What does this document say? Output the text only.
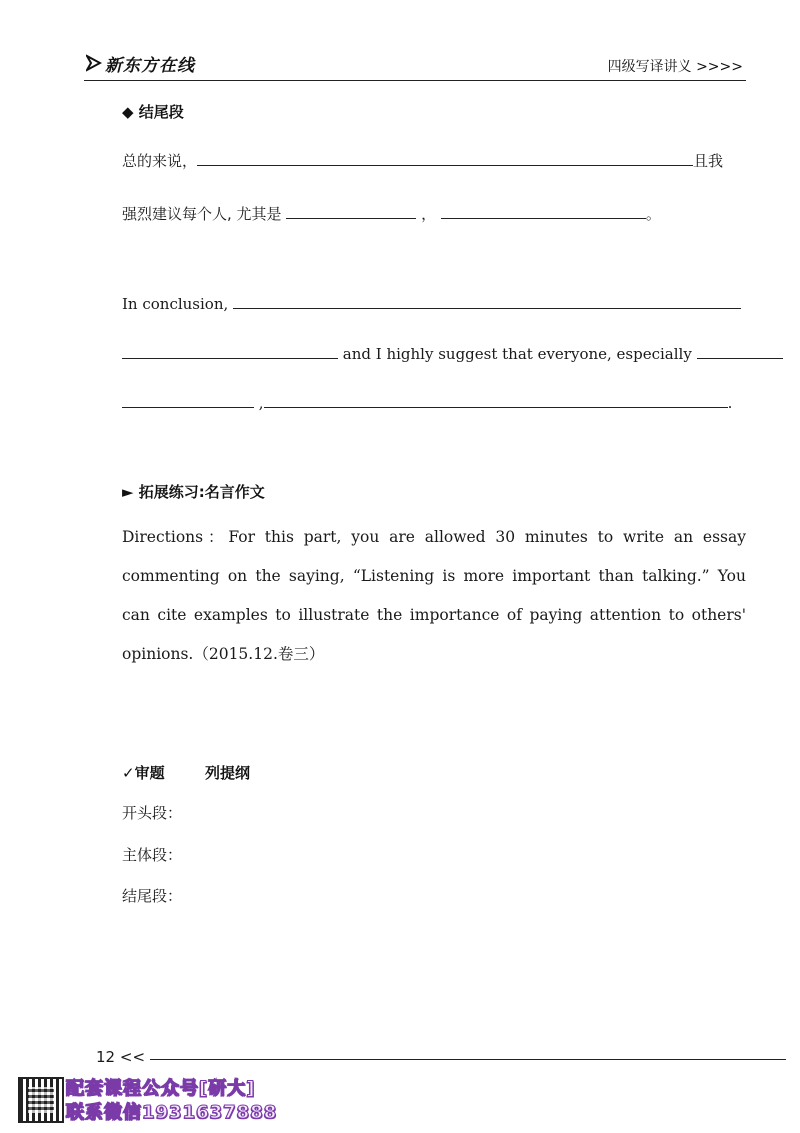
新东方在线	四级写译讲义 >>>>
◆ 结尾段
总的来说，	且我
强烈建议每个人, 尤其是	，	。
In conclusion,
and I highly suggest that everyone, especially
,	.
► 拓展练习:名言作文
Directions：For this part, you are allowed 30 minutes to write an essay commenting on the saying, “Listening is more important than talking.” You can cite examples to illustrate the importance of paying attention to others' opinions.（2015.12.卷三）
✓审题	列提纲
开头段：
主体段：
结尾段：
12 <<
配套课程公众号[研大]
联系微信1931637888
